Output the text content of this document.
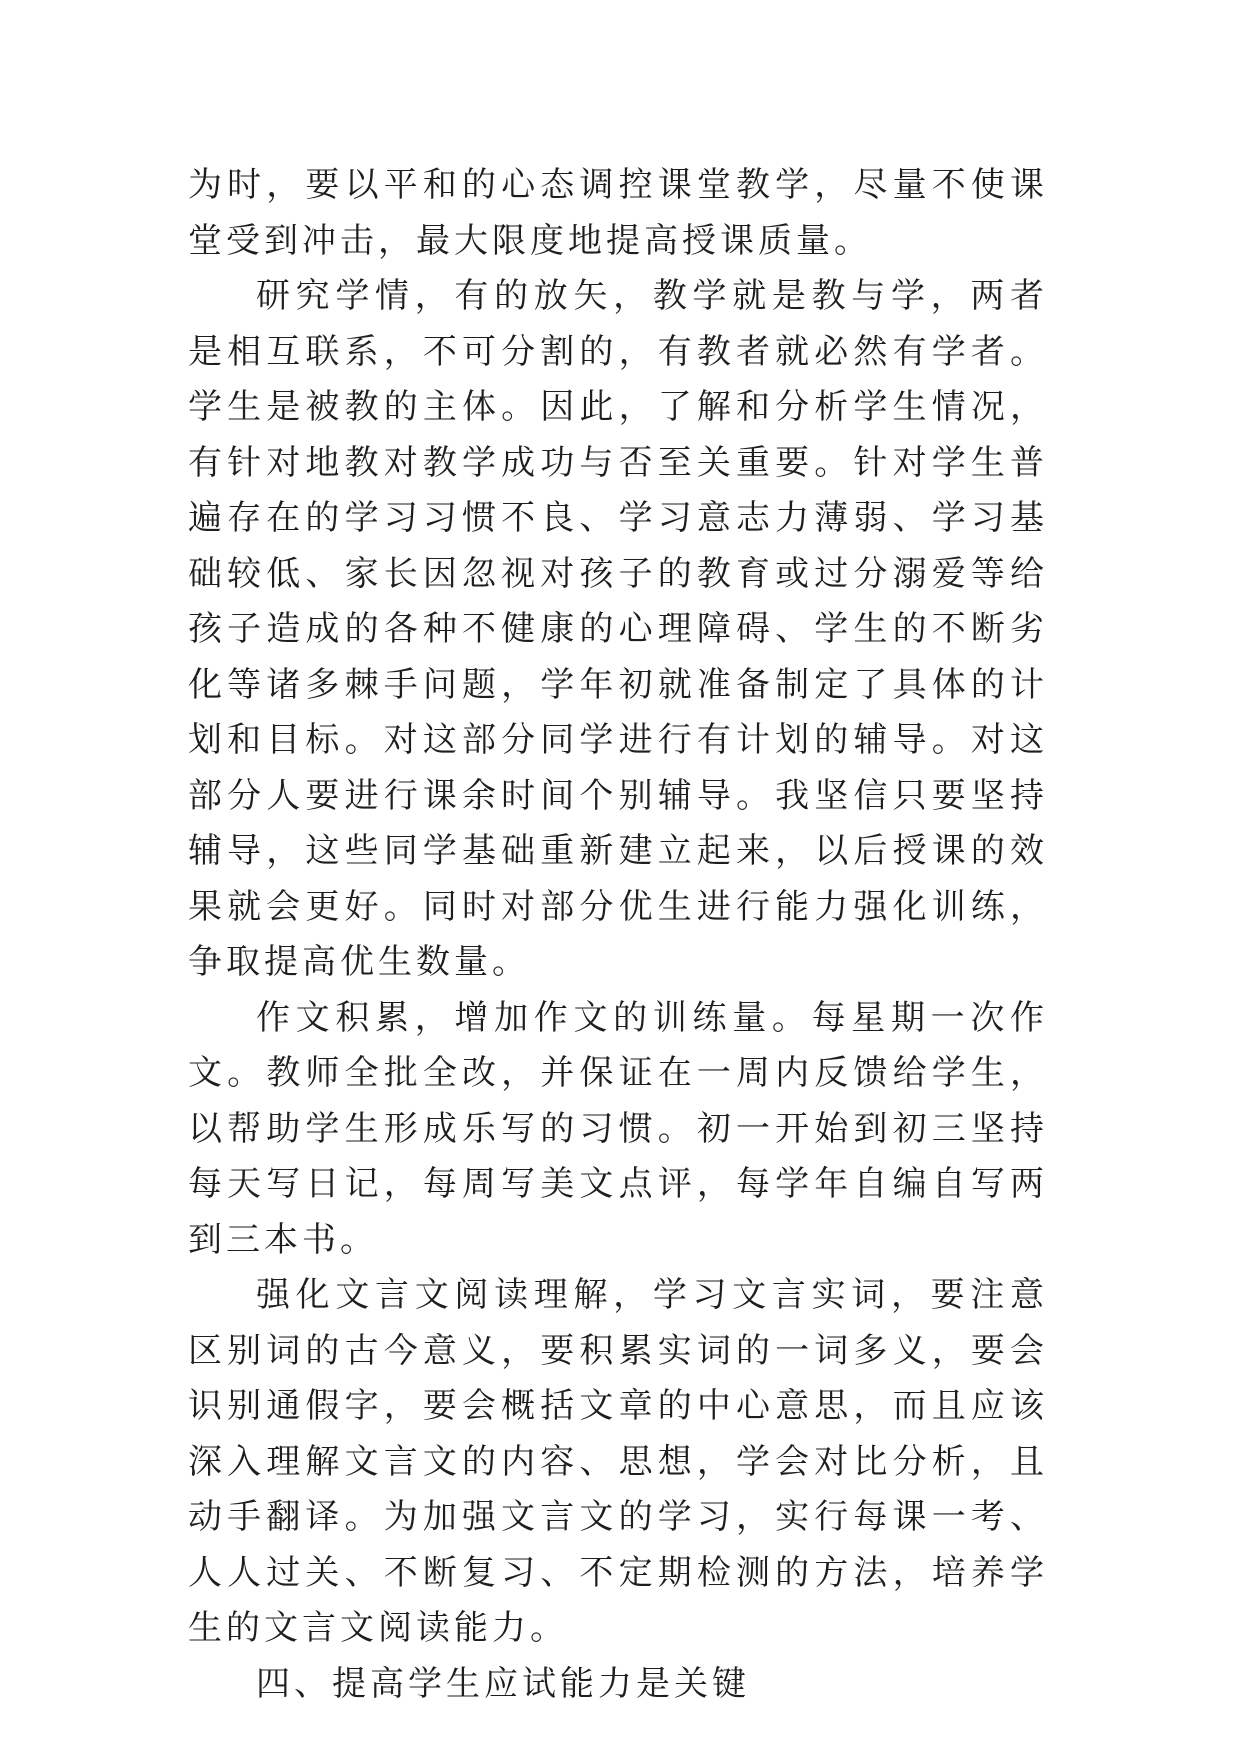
为时，要以平和的心态调控课堂教学，尽量不使课堂受到冲击，最大限度地提高授课质量。

研究学情，有的放矢，教学就是教与学，两者是相互联系，不可分割的，有教者就必然有学者。学生是被教的主体。因此，了解和分析学生情况，有针对地教对教学成功与否至关重要。针对学生普遍存在的学习习惯不良、学习意志力薄弱、学习基础较低、家长因忽视对孩子的教育或过分溺爱等给孩子造成的各种不健康的心理障碍、学生的不断劣化等诸多棘手问题，学年初就准备制定了具体的计划和目标。对这部分同学进行有计划的辅导。对这部分人要进行课余时间个别辅导。我坚信只要坚持辅导，这些同学基础重新建立起来，以后授课的效果就会更好。同时对部分优生进行能力强化训练，争取提高优生数量。

作文积累，增加作文的训练量。每星期一次作文。教师全批全改，并保证在一周内反馈给学生，以帮助学生形成乐写的习惯。初一开始到初三坚持每天写日记，每周写美文点评，每学年自编自写两到三本书。

强化文言文阅读理解，学习文言实词，要注意区别词的古今意义，要积累实词的一词多义，要会识别通假字，要会概括文章的中心意思，而且应该深入理解文言文的内容、思想，学会对比分析，且动手翻译。为加强文言文的学习，实行每课一考、人人过关、不断复习、不定期检测的方法，培养学生的文言文阅读能力。

四、提高学生应试能力是关键
